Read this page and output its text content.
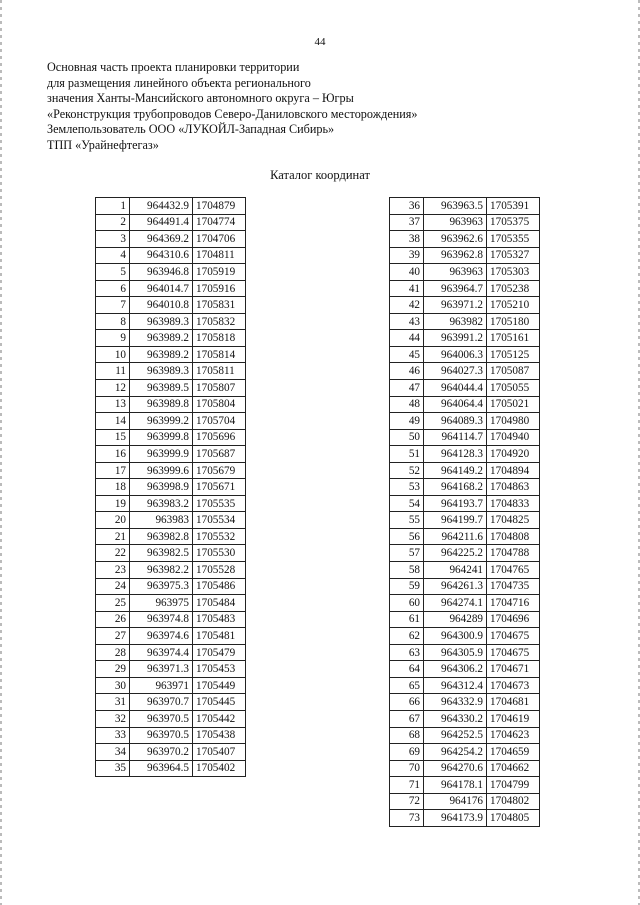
44
Основная часть проекта планировки территории
для размещения линейного объекта регионального
значения Ханты-Мансийского автономного округа – Югры
«Реконструкция трубопроводов Северо-Даниловского месторождения»
Землепользователь ООО «ЛУКОЙЛ-Западная Сибирь»
ТПП «Урайнефтегаз»
Каталог координат
1	964432.9	1704879
2	964491.4	1704774
3	964369.2	1704706
4	964310.6	1704811
5	963946.8	1705919
6	964014.7	1705916
7	964010.8	1705831
8	963989.3	1705832
9	963989.2	1705818
10	963989.2	1705814
11	963989.3	1705811
12	963989.5	1705807
13	963989.8	1705804
14	963999.2	1705704
15	963999.8	1705696
16	963999.9	1705687
17	963999.6	1705679
18	963998.9	1705671
19	963983.2	1705535
20	963983	1705534
21	963982.8	1705532
22	963982.5	1705530
23	963982.2	1705528
24	963975.3	1705486
25	963975	1705484
26	963974.8	1705483
27	963974.6	1705481
28	963974.4	1705479
29	963971.3	1705453
30	963971	1705449
31	963970.7	1705445
32	963970.5	1705442
33	963970.5	1705438
34	963970.2	1705407
35	963964.5	1705402
36	963963.5	1705391
37	963963	1705375
38	963962.6	1705355
39	963962.8	1705327
40	963963	1705303
41	963964.7	1705238
42	963971.2	1705210
43	963982	1705180
44	963991.2	1705161
45	964006.3	1705125
46	964027.3	1705087
47	964044.4	1705055
48	964064.4	1705021
49	964089.3	1704980
50	964114.7	1704940
51	964128.3	1704920
52	964149.2	1704894
53	964168.2	1704863
54	964193.7	1704833
55	964199.7	1704825
56	964211.6	1704808
57	964225.2	1704788
58	964241	1704765
59	964261.3	1704735
60	964274.1	1704716
61	964289	1704696
62	964300.9	1704675
63	964305.9	1704675
64	964306.2	1704671
65	964312.4	1704673
66	964332.9	1704681
67	964330.2	1704619
68	964252.5	1704623
69	964254.2	1704659
70	964270.6	1704662
71	964178.1	1704799
72	964176	1704802
73	964173.9	1704805
